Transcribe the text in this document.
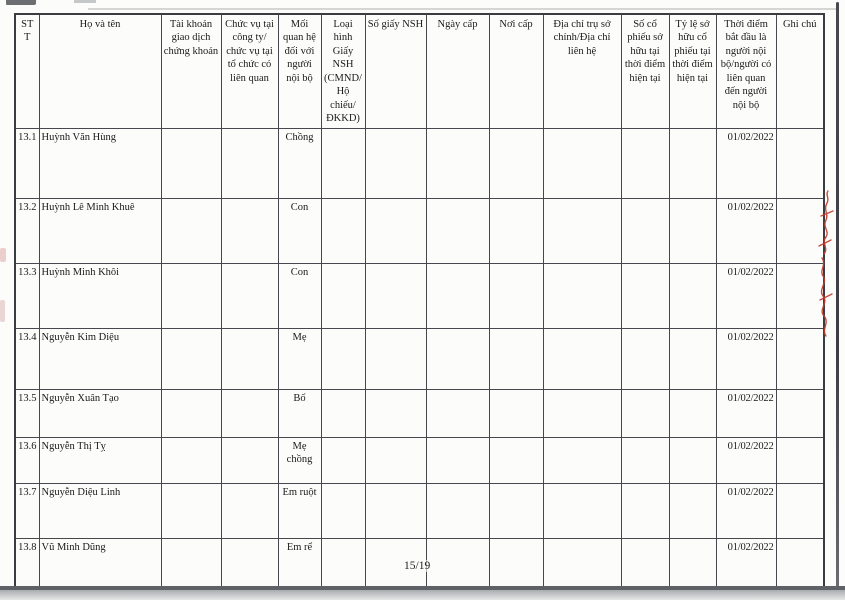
STT	Họ và tên	Tài khoản giao dịch chứng khoán	Chức vụ tại công ty/ chức vụ tại tổ chức có liên quan	Mối quan hệ đối với người nội bộ	Loại hình Giấy NSH (CMND/ Hộ chiếu/ ĐKKD)	Số giấy NSH	Ngày cấp	Nơi cấp	Địa chỉ trụ sở chính/Địa chỉ liên hệ	Số cổ phiếu sở hữu tại thời điểm hiện tại	Tỷ lệ sở hữu cổ phiếu tại thời điểm hiện tại	Thời điểm bắt đầu là người nội bộ/người có liên quan đến người nội bộ	Ghi chú
13.1	Huỳnh Văn Hùng			Chồng								01/02/2022	
13.2	Huỳnh Lê Minh Khuê			Con								01/02/2022	
13.3	Huỳnh Minh Khôi			Con								01/02/2022	
13.4	Nguyễn Kim Diệu			Mẹ								01/02/2022	
13.5	Nguyễn Xuân Tạo			Bố								01/02/2022	
13.6	Nguyễn Thị Tỵ			Mẹ chồng								01/02/2022	
13.7	Nguyễn Diệu Linh			Em ruột								01/02/2022	
13.8	Vũ Minh Dũng			Em rể								01/02/2022	
15/19
